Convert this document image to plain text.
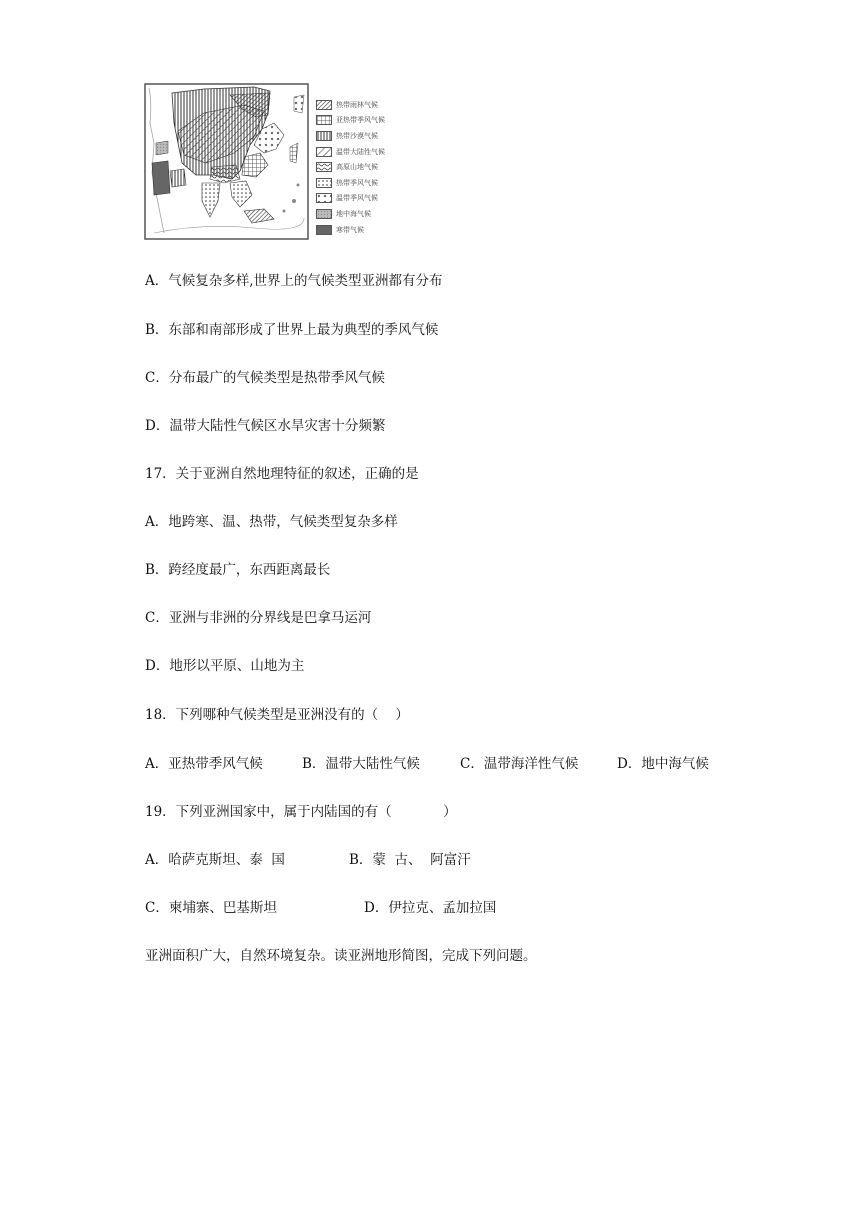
热带雨林气候
亚热带季风气候
热带沙漠气候
温带大陆性气候
高原山地气候
热带季风气候
温带季风气候
地中海气候
寒带气候
A．气候复杂多样,世界上的气候类型亚洲都有分布
B．东部和南部形成了世界上最为典型的季风气候
C．分布最广的气候类型是热带季风气候
D．温带大陆性气候区水旱灾害十分频繁
17．关于亚洲自然地理特征的叙述，正确的是
A．地跨寒、温、热带，气候类型复杂多样
B．跨经度最广，东西距离最长
C．亚洲与非洲的分界线是巴拿马运河
D．地形以平原、山地为主
18．下列哪种气候类型是亚洲没有的（    ）
A．亚热带季风气候	B．温带大陆性气候	C．温带海洋性气候	D．地中海气候
19．下列亚洲国家中，属于内陆国的有（            ）
A．哈萨克斯坦、泰  国	B．蒙  古、  阿富汗
C．柬埔寨、巴基斯坦	D．伊拉克、孟加拉国
亚洲面积广大，自然环境复杂。读亚洲地形简图，完成下列问题。
